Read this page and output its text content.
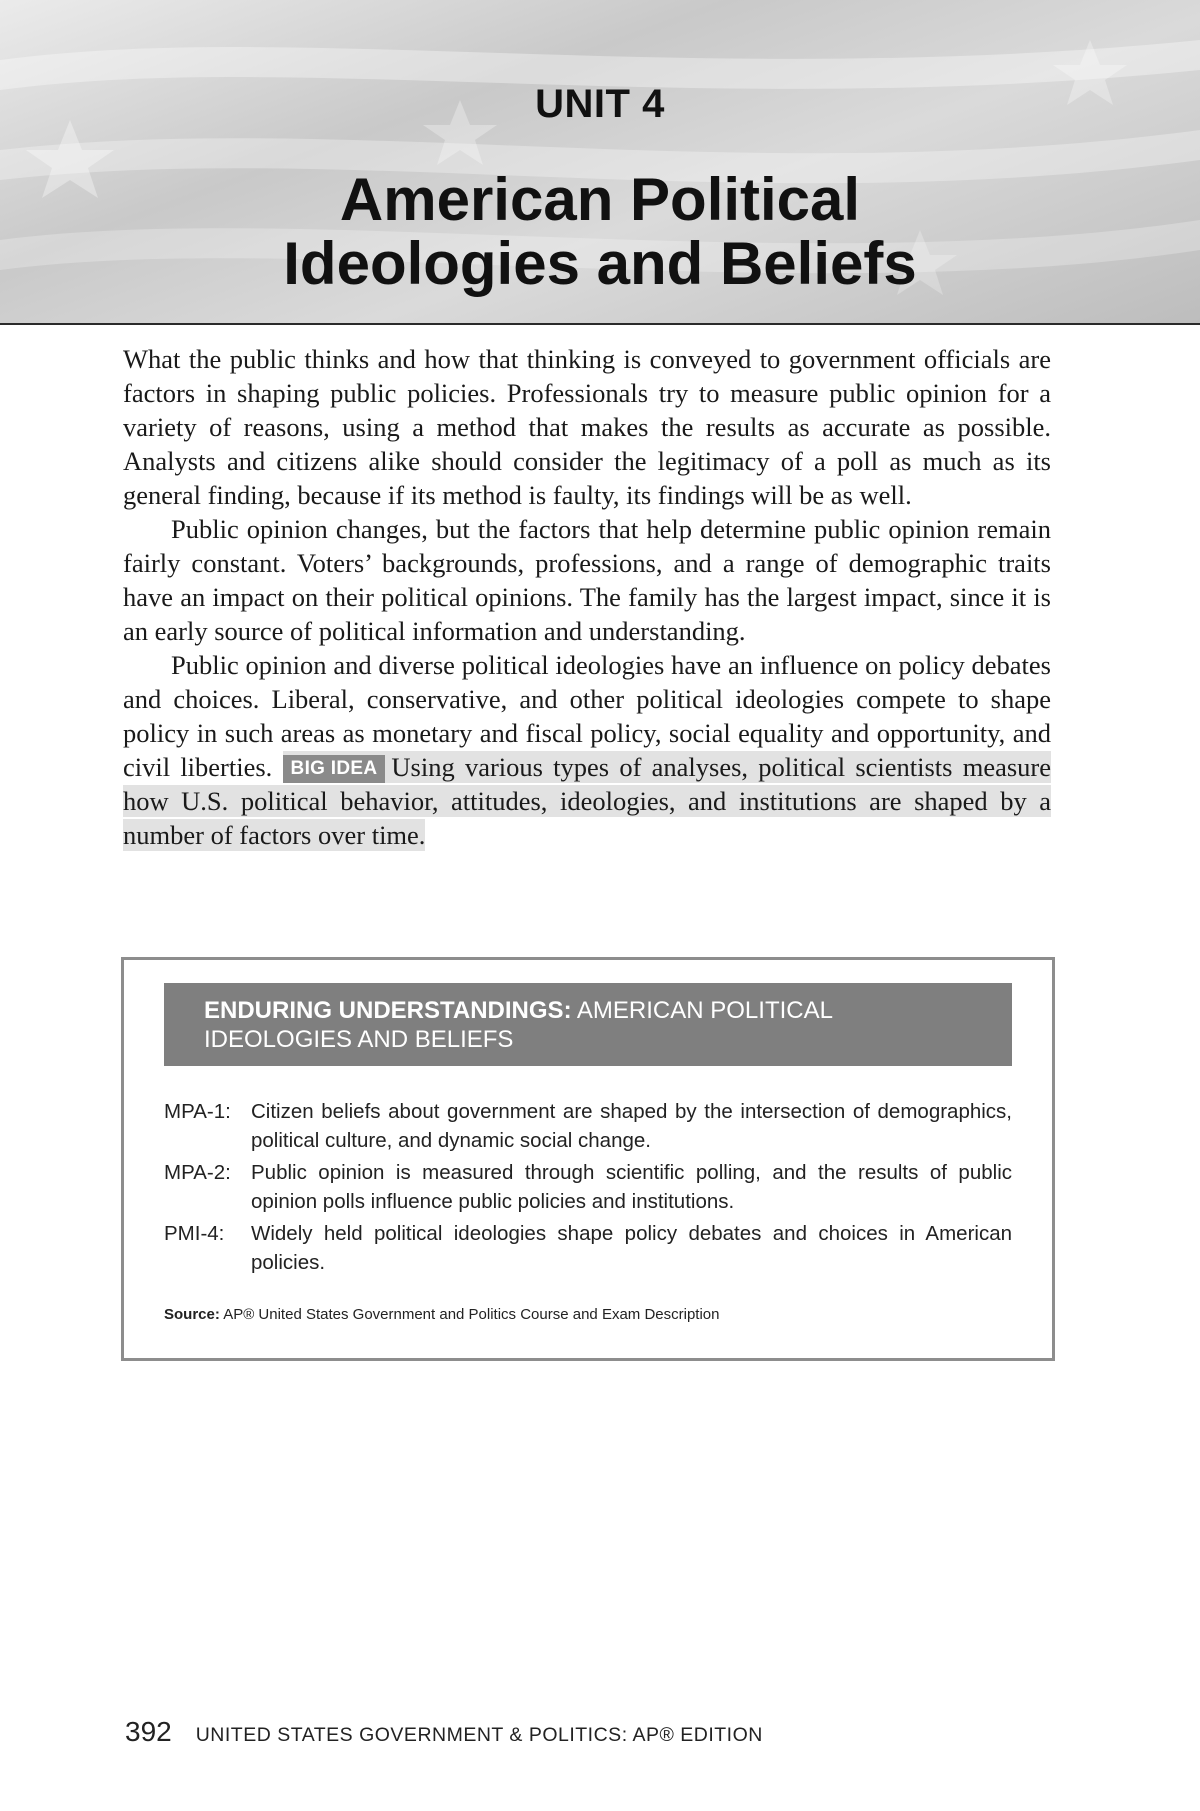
UNIT 4
American Political
Ideologies and Beliefs

What the public thinks and how that thinking is conveyed to government officials are factors in shaping public policies. Professionals try to measure public opinion for a variety of reasons, using a method that makes the results as accurate as possible. Analysts and citizens alike should consider the legitimacy of a poll as much as its general finding, because if its method is faulty, its findings will be as well.

Public opinion changes, but the factors that help determine public opinion remain fairly constant. Voters’ backgrounds, professions, and a range of demographic traits have an impact on their political opinions. The family has the largest impact, since it is an early source of political information and understanding.

Public opinion and diverse political ideologies have an influence on policy debates and choices. Liberal, conservative, and other political ideologies compete to shape policy in such areas as monetary and fiscal policy, social equality and opportunity, and civil liberties. BIG IDEA Using various types of analyses, political scientists measure how U.S. political behavior, attitudes, ideologies, and institutions are shaped by a number of factors over time.

ENDURING UNDERSTANDINGS: AMERICAN POLITICAL IDEOLOGIES AND BELIEFS
MPA-1: Citizen beliefs about government are shaped by the intersection of demographics, political culture, and dynamic social change.
MPA-2: Public opinion is measured through scientific polling, and the results of public opinion polls influence public policies and institutions.
PMI-4:	Widely held political ideologies shape policy debates and choices in American policies.
Source: AP® United States Government and Politics Course and Exam Description
392 UNITED STATES GOVERNMENT & POLITICS: AP® EDITION
